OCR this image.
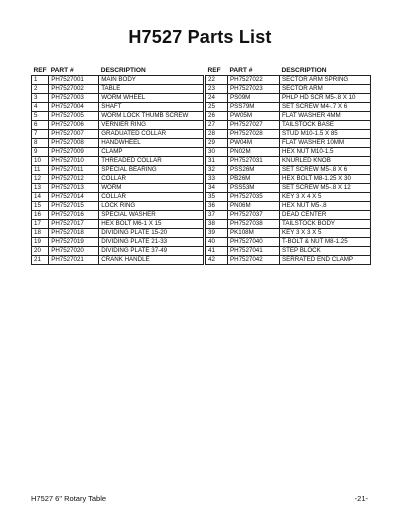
H7527 Parts List
REF	PART #	DESCRIPTION
1	PH7527001	MAIN BODY
2	PH7527002	TABLE
3	PH7527003	WORM WHEEL
4	PH7527004	SHAFT
5	PH7527005	WORM LOCK THUMB SCREW
6	PH7527006	VERNIER RING
7	PH7527007	GRADUATED COLLAR
8	PH7527008	HANDWHEEL
9	PH7527009	CLAMP
10	PH7527010	THREADED COLLAR
11	PH7527011	SPECIAL BEARING
12	PH7527012	COLLAR
13	PH7527013	WORM
14	PH7527014	COLLAR
15	PH7527015	LOCK RING
16	PH7527016	SPECIAL WASHER
17	PH7527017	HEX BOLT M6-1 X 15
18	PH7527018	DIVIDING PLATE 15-20
19	PH7527019	DIVIDING PLATE 21-33
20	PH7527020	DIVIDING PLATE 37-49
21	PH7527021	CRANK HANDLE
REF	PART #	DESCRIPTION
22	PH7527022	SECTOR ARM SPRING
23	PH7527023	SECTOR ARM
24	PS09M	PHLP HD SCR M5-.8 X 10
25	PSS79M	SET SCREW M4-.7 X 6
26	PW05M	FLAT WASHER 4MM
27	PH7527027	TAILSTOCK BASE
28	PH7527028	STUD M10-1.5 X 85
29	PW04M	FLAT WASHER 10MM
30	PN02M	HEX NUT M10-1.5
31	PH7527031	KNURLED KNOB
32	PSS26M	SET SCREW M5-.8 X 6
33	PB26M	HEX BOLT M8-1.25 X 30
34	PSS53M	SET SCREW M5-.8 X 12
35	PH7527035	KEY 3 X 4 X 5
36	PN06M	HEX NUT M5-.8
37	PH7527037	DEAD CENTER
38	PH7527038	TAILSTOCK BODY
39	PK108M	KEY 3 X 3 X 5
40	PH7527040	T-BOLT & NUT M8-1.25
41	PH7527041	STEP BLOCK
42	PH7527042	SERRATED END CLAMP
H7527 6" Rotary Table	-21-
